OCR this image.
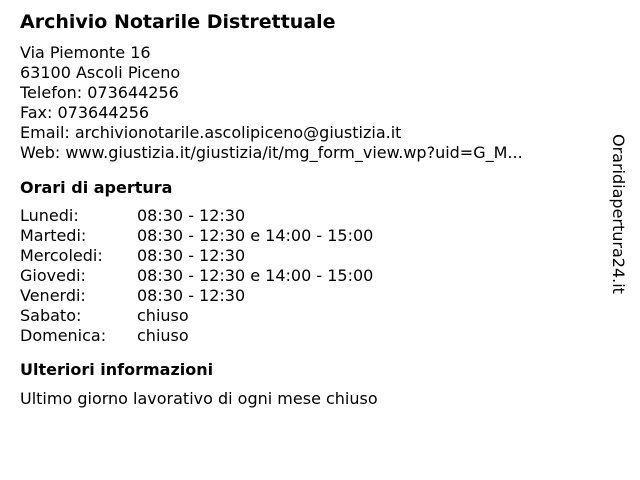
Archivio Notarile Distrettuale
Via Piemonte 16
63100 Ascoli Piceno
Telefon: 073644256
Fax: 073644256
Email: archivionotarile.ascolipiceno@giustizia.it
Web: www.giustizia.it/giustizia/it/mg_form_view.wp?uid=G_M...
Orari di apertura
Lunedi:	08:30 - 12:30
Martedi:	08:30 - 12:30 e 14:00 - 15:00
Mercoledi:	08:30 - 12:30
Giovedi:	08:30 - 12:30 e 14:00 - 15:00
Venerdi:	08:30 - 12:30
Sabato:	chiuso
Domenica:	chiuso
Ulteriori informazioni
Ultimo giorno lavorativo di ogni mese chiuso
Oraridiapertura24.it
